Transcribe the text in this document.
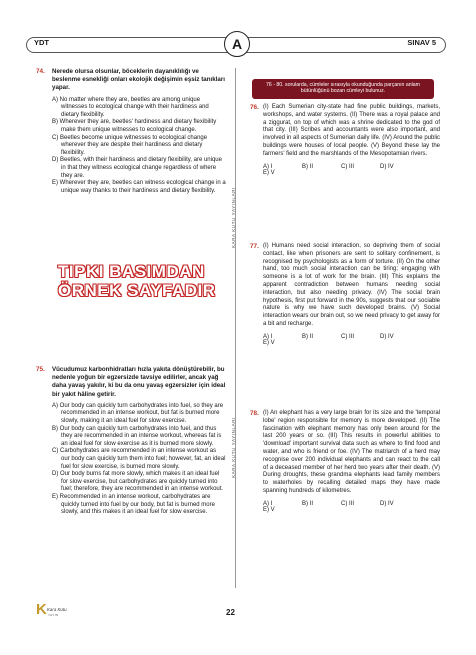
YDT	SINAV 5
A
KARA KUTU YAYINLARI
KARA KUTU YAYINLARI
74. Nerede olursa olsunlar, böceklerin dayanıklılığı ve beslenme esnekliği onları ekolojik değişimin eşsiz tanıkları yapar.
A) No matter where they are, beetles are among unique witnesses to ecological change with their hardiness and dietary flexibility.
B) Wherever they are, beetles' hardiness and dietary flexibility make them unique witnesses to ecological change.
C) Beetles become unique witnesses to ecological change wherever they are despite their hardiness and dietary flexibility.
D) Beetles, with their hardiness and dietary flexibility, are unique in that they witness ecological change regardless of where they are.
E) Wherever they are, beetles can witness ecological change in a unique way thanks to their hardiness and dietary flexibility.
TIPKI BASIMDAN
ÖRNEK SAYFADIR
75. Vücudumuz karbonhidratları hızla yakıta dönüştürebilir, bu nedenle yoğun bir egzersizde tavsiye edilirler, ancak yağ daha yavaş yakılır, ki bu da onu yavaş egzersizler için ideal bir yakıt hâline getirir.
A) Our body can quickly turn carbohydrates into fuel, so they are recommended in an intense workout, but fat is burned more slowly, making it an ideal fuel for slow exercise.
B) Our body can quickly turn carbohydrates into fuel, and thus they are recommended in an intense workout, whereas fat is an ideal fuel for slow exercise as it is burned more slowly.
C) Carbohydrates are recommended in an intense workout as our body can quickly turn them into fuel; however, fat, an ideal fuel for slow exercise, is burned more slowly.
D) Our body burns fat more slowly, which makes it an ideal fuel for slow exercise, but carbohydrates are quickly turned into fuel; therefore, they are recommended in an intense workout.
E) Recommended in an intense workout, carbohydrates are quickly turned into fuel by our body, but fat is burned more slowly, and this makes it an ideal fuel for slow exercise.
76 - 80. sorularda, cümleler sırasıyla okunduğunda parçanın anlam bütünlüğünü bozan cümleyi bulunuz.
76. (I) Each Sumerian city-state had fine public buildings, markets, workshops, and water systems. (II) There was a royal palace and a ziggurat, on top of which was a shrine dedicated to the god of that city. (III) Scribes and accountants were also important, and involved in all aspects of Sumerian daily life. (IV) Around the public buildings were houses of local people. (V) Beyond these lay the farmers' field and the marshlands of the Mesopotamian rivers.
A) I	B) II	C) III	D) IVE) V
77. (I) Humans need social interaction, so depriving them of social contact, like when prisoners are sent to solitary confinement, is recognised by psychologists as a form of torture. (II) On the other hand, too much social interaction can be tiring; engaging with someone is a lot of work for the brain. (III) This explains the apparent contradiction between humans needing social interaction, but also needing privacy. (IV) The social brain hypothesis, first put forward in the 90s, suggests that our sociable nature is why we have such developed brains. (V) Social interaction wears our brain out, so we need privacy to get away for a bit and recharge.
A) I	B) II	C) III	D) IVE) V
78. (I) An elephant has a very large brain for its size and the 'temporal lobe' region responsible for memory is more developed. (II) The fascination with elephant memory has only been around for the last 200 years or so. (III) This results in powerful abilities to 'download' important survival data such as where to find food and water, and who is friend or foe. (IV) The matriarch of a herd may recognise over 200 individual elephants and can react to the call of a deceased member of her herd two years after their death. (V) During droughts, these grandma elephants lead family members to waterholes by recalling detailed maps they have made spanning hundreds of kilometres.
A) I	B) II	C) III	D) IVE) V
K Kara Kutu
YAYIN	22
